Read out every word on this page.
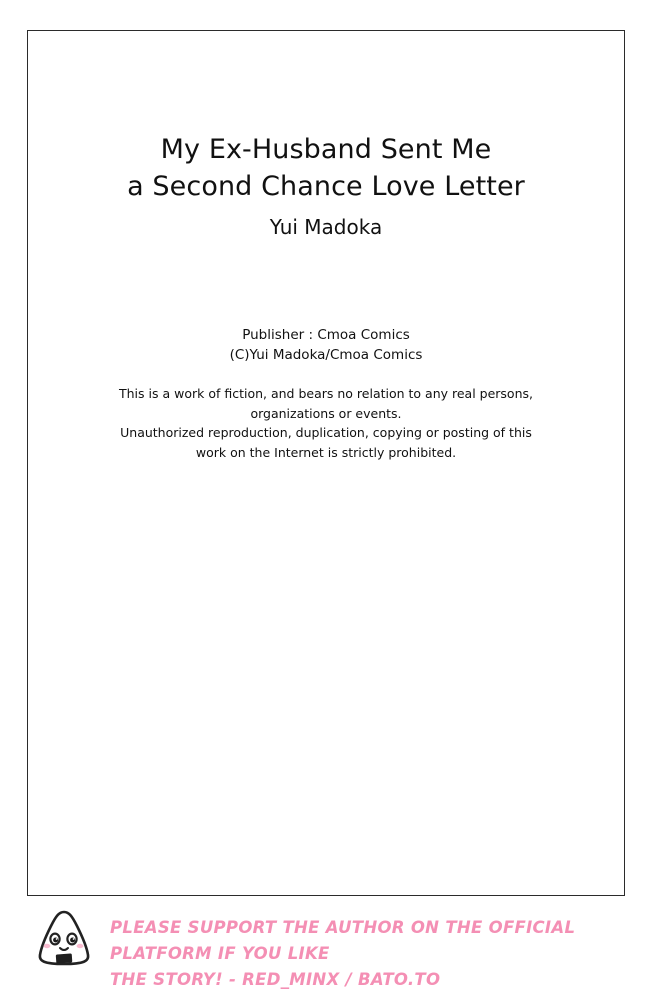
My Ex-Husband Sent Me
a Second Chance Love Letter
Yui Madoka
Publisher : Cmoa Comics
(C)Yui Madoka/Cmoa Comics
This is a work of fiction, and bears no relation to any real persons,
organizations or events.
Unauthorized reproduction, duplication, copying or posting of this
work on the Internet is strictly prohibited.
PLEASE SUPPORT THE AUTHOR ON THE OFFICIAL PLATFORM IF YOU LIKE
THE STORY! - RED_MINX / BATO.TO
